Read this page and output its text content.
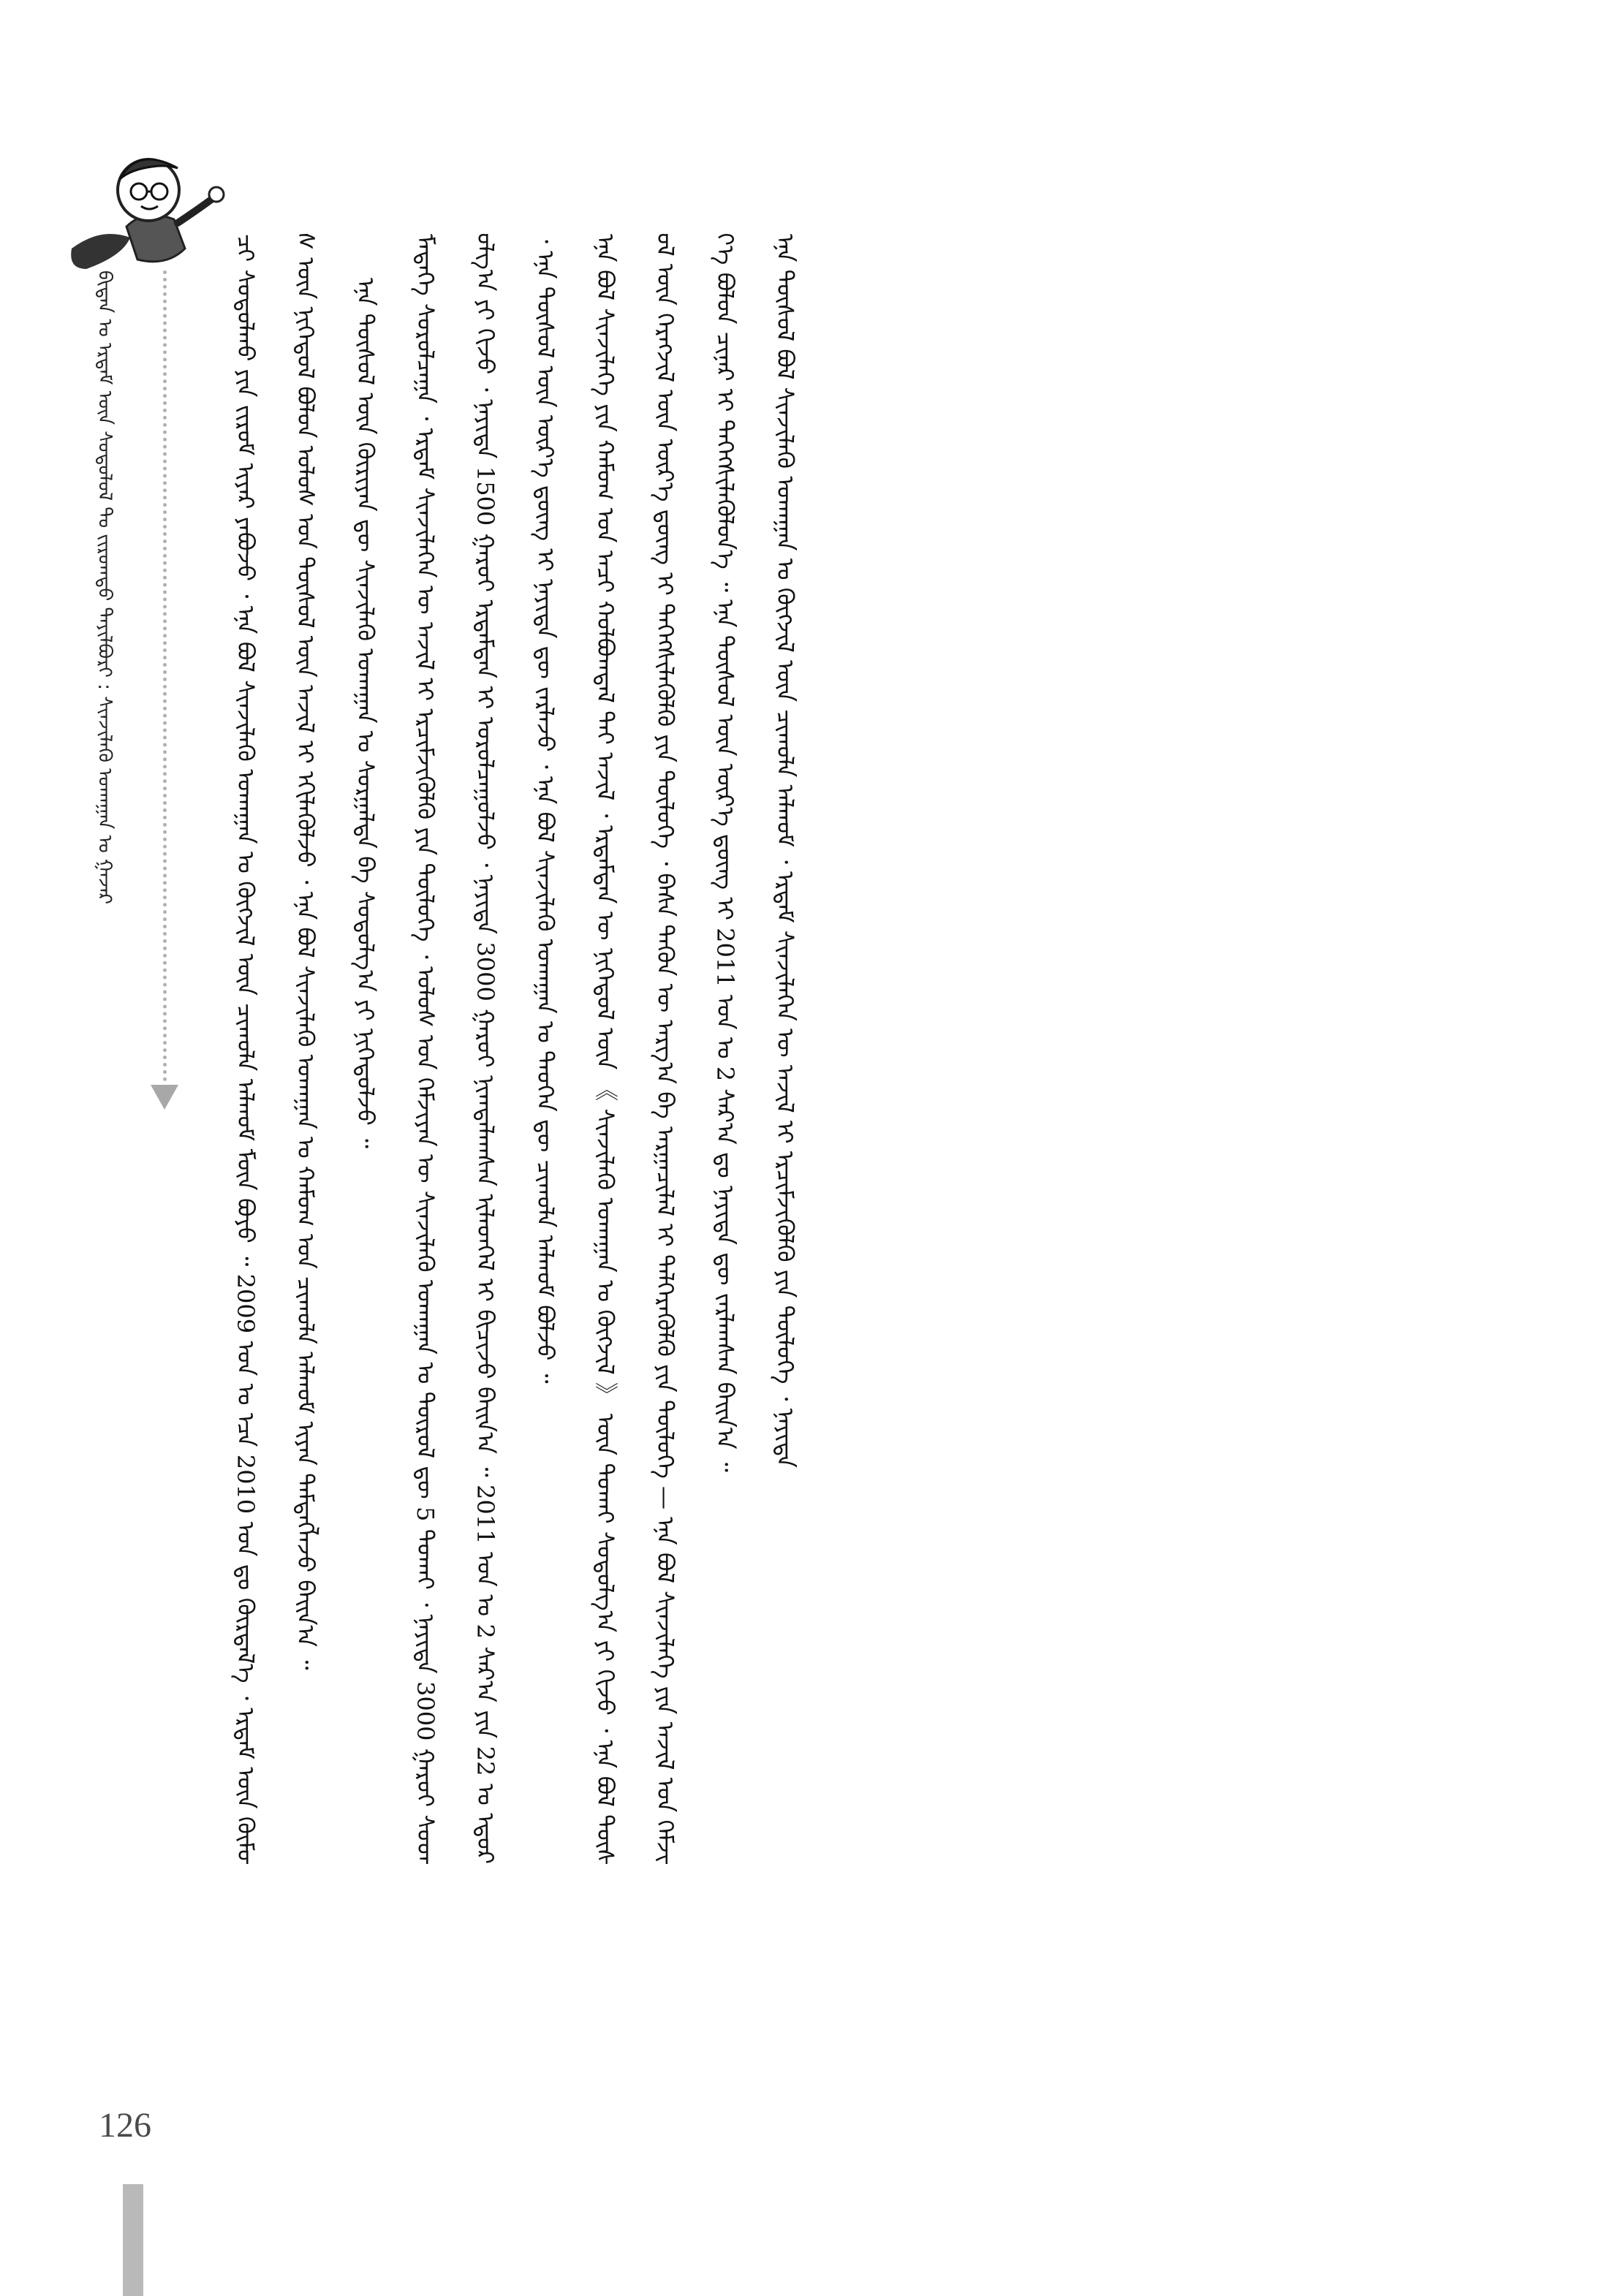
ᠪᠢᠳᠡᠨ ᠤ ᠡᠷᠲᠡᠮ ᠦᠨ ᠰᠤᠳᠤᠯᠤᠯ ᠲᠤ ᠵᠢᠷᠤᠭᠲᠤ ᠲᠠᠶᠢᠯᠪᠤᠷᠢ : ᠰᠢᠨᠵᠢᠯᠡᠬᠦ ᠤᠬᠠᠭᠠᠨ ᠤ ᠭᠠᠵᠠᠷ	ᠴᠢ ᠰᠤᠳᠤᠯᠬᠤ ᠶᠢᠨ ᠵᠢᠷᠤᠮ ᠢᠶᠡᠷ ᠶᠠᠪᠤᠵᠤ ᠂ ᠡᠨᠡ ᠪᠣᠯ ᠰᠢᠨᠵᠢᠯᠡᠬᠦ ᠤᠬᠠᠭᠠᠨ ᠤ ᠬᠥᠭᠵᠢᠯ ᠦᠨ ᠴᠢᠬᠤᠯᠠ ᠠᠯᠬᠤᠮ ᠮᠥᠨ ᠪᠤᠶᠤ ᠃ 2009 ᠣᠨ ᠤ ᠡᠴᠡ 2010 ᠣᠨ ᠳᠤ ᠬᠦᠷᠲᠡᠯ᠎ᠡ ᠂ ᠡᠷᠳᠡᠮ ᠦᠨ ᠬᠦᠮᠦᠰ ᠦᠨ ᠨᠢᠭᠡᠳᠦᠯ ᠪᠤᠯᠤᠨ ᠤᠯᠤᠰ ᠤᠨ ᠲᠥᠰᠥᠯ ᠦᠨ ᠠᠵᠢᠯ ᠢ ᠡᠬᠢᠯᠡᠭᠦᠯᠵᠦ ᠂ ᠡᠨᠡ ᠪᠣᠯ ᠰᠢᠨᠵᠢᠯᠡᠬᠦ ᠤᠬᠠᠭᠠᠨ ᠤ ᠬᠠᠮᠤᠭ ᠤᠨ ᠴᠢᠬᠤᠯᠠ ᠠᠯᠬᠤᠮ ᠢᠶᠠᠨ ᠲᠡᠮᠳᠡᠭᠯᠡᠵᠦ ᠪᠠᠢᠨ᠎ᠠ ᠃	ᠡᠨᠡ ᠲᠥᠰᠥᠯ ᠦᠨ ᠬᠦᠷᠢᠶᠡᠨ ᠳᠦ ᠰᠢᠨᠵᠢᠯᠡᠬᠦ ᠤᠬᠠᠭᠠᠨ ᠤ ᠰᠤᠷᠭᠠᠯᠲᠠ ᠪᠠ ᠰᠤᠳᠤᠯᠭ᠎ᠠ ᠶᠢ ᠨᠢᠭᠡᠳᠦᠯᠵᠦ ᠃	ᠮᠡᠳᠡᠭᠡ ᠰᠤᠷᠤᠯᠴᠠᠭᠠ ᠂ ᠡᠷᠳᠡᠮ ᠰᠢᠨᠵᠢᠯᠡᠭᠡᠨ ᠦ ᠠᠵᠢᠯ ᠢ ᠡᠷᠴᠢᠮᠵᠢᠭᠦᠯᠬᠦ ᠶᠢᠨ ᠲᠥᠯᠦᠭᠡ ᠂ ᠤᠯᠤᠰ ᠤᠨ ᠬᠡᠮᠵᠢᠶᠡᠨ ᠦ ᠰᠢᠨᠵᠢᠯᠡᠬᠦ ᠤᠬᠠᠭᠠᠨ ᠤ ᠲᠦᠷᠦᠯ ᠳᠦ 5 ᠲᠤᠬᠠᠢ ᠂ ᠨᠡᠶᠢᠲᠡ 3000 ᠭᠠᠷᠤᠢ ᠰᠤᠳᠤᠯᠭ᠎ᠠ ᠶᠢ ᠬᠢᠵᠦ ᠂ ᠨᠡᠶᠢᠲᠡ 1500 ᠭᠠᠷᠤᠢ ᠡᠷᠳᠡᠮᠲᠡᠨ ᠢ ᠣᠷᠤᠯᠴᠠᠭᠤᠯᠵᠤ ᠂ ᠨᠡᠶᠢᠲᠡ 3000 ᠭᠠᠷᠤᠢ ᠨᠢᠭᠲᠠᠯᠠᠭᠰᠠᠨ ᠢᠯᠡᠳᠬᠡᠯ ᠢ ᠪᠢᠴᠢᠵᠦ ᠪᠠᠢᠨ᠎ᠠ ᠃ 2011 ᠣᠨ ᠤ 2 ᠰᠠᠷ᠎ᠠ ᠶᠢᠨ 22 ᠤ ᠡᠳᠦᠷ ᠂ ᠡᠨᠡ ᠲᠥᠰᠥᠯ ᠦᠨ ᠦᠷ᠎ᠡ ᠳ᠋ᠦᠩ ᠢ ᠨᠡᠶᠢᠲᠡ ᠳᠦ ᠵᠠᠷᠯᠠᠵᠤ ᠂ ᠡᠨᠡ ᠪᠣᠯ ᠰᠢᠨᠵᠢᠯᠡᠬᠦ ᠤᠬᠠᠭᠠᠨ ᠤ ᠲᠡᠦᠬᠡᠨ ᠳᠦ ᠴᠢᠬᠤᠯᠠ ᠠᠯᠬᠤᠮ ᠪᠣᠯᠵᠤ ᠃	ᠡᠨᠡ ᠪᠣᠯ ᠰᠢᠨᠵᠢᠯᠡᠭᠡ ᠶᠢᠨ ᠬᠠᠮᠤᠭ ᠤᠨ ᠠᠴᠢ ᠬᠣᠯᠪᠣᠭᠳᠠᠯ ᠲᠠᠢ ᠠᠵᠢᠯ ᠂ ᠡᠷᠳᠡᠮᠲᠡᠨ ᠦ ᠨᠢᠭᠡᠳᠦᠯ ᠦᠨ 《 ᠰᠢᠨᠵᠢᠯᠡᠬᠦ ᠤᠬᠠᠭᠠᠨ ᠤ ᠬᠥᠭᠵᠢᠯ 》 ᠦᠨ ᠲᠤᠬᠠᠢ ᠰᠤᠳᠤᠯᠭ᠎ᠠ ᠶᠢ ᠬᠢᠵᠦ ᠂ ᠡᠨᠡ ᠪᠣᠯ ᠲᠥᠰᠥᠯ ᠦᠨ ᠬᠡᠷᠡᠭᠵᠢᠯ ᠦᠨ ᠦᠷ᠎ᠡ ᠳ᠋ᠦᠩ ᠢ ᠳᠡᠭᠡᠭᠰᠢᠯᠡᠭᠦᠯᠬᠦ ᠶᠢᠨ ᠲᠥᠯᠦᠭᠡ ᠂ ᠪᠠᠰᠠ ᠲᠡᠭᠦᠨ ᠦ ᠠᠷᠭ᠎ᠠ ᠪᠠ ᠠᠷᠭᠠᠴᠢᠯᠠᠯ ᠢ ᠳᠡᠯᠭᠡᠷᠡᠭᠦᠯᠬᠦ ᠶᠢᠨ ᠲᠥᠯᠦᠭᠡ — ᠡᠨᠡ ᠪᠣᠯ ᠰᠢᠨᠵᠢᠯᠡᠭᠡ ᠶᠢᠨ ᠠᠵᠢᠯ ᠤᠨ ᠬᠡᠮᠵᠢᠶ᠎ᠡ ᠪᠤᠯᠤᠨ ᠴᠢᠨᠠᠷ ᠢ ᠳᠡᠭᠡᠭᠰᠢᠯᠡᠭᠦᠯᠦᠨ᠎ᠡ ᠃ ᠡᠨᠡ ᠲᠥᠰᠥᠯ ᠦᠨ ᠦᠷ᠎ᠡ ᠳ᠋ᠦᠩ ᠢ 2011 ᠣᠨ ᠤ 2 ᠰᠠᠷ᠎ᠠ ᠳᠤ ᠨᠡᠶᠢᠲᠡ ᠳᠦ ᠵᠠᠷᠯᠠᠭᠰᠠᠨ ᠪᠠᠢᠨ᠎ᠠ ᠃	ᠡᠨᠡ ᠲᠥᠰᠥᠯ ᠪᠣᠯ ᠰᠢᠨᠵᠢᠯᠡᠬᠦ ᠤᠬᠠᠭᠠᠨ ᠤ ᠬᠥᠭᠵᠢᠯ ᠦᠨ ᠴᠢᠬᠤᠯᠠ ᠠᠯᠬᠤᠮ ᠂ ᠡᠷᠳᠡᠮ ᠰᠢᠨᠵᠢᠯᠡᠭᠡᠨ ᠦ ᠠᠵᠢᠯ ᠢ ᠡᠷᠴᠢᠮᠵᠢᠭᠦᠯᠬᠦ ᠶᠢᠨ ᠲᠥᠯᠦᠭᠡ ᠂ ᠨᠡᠶᠢᠲᠡ

126
